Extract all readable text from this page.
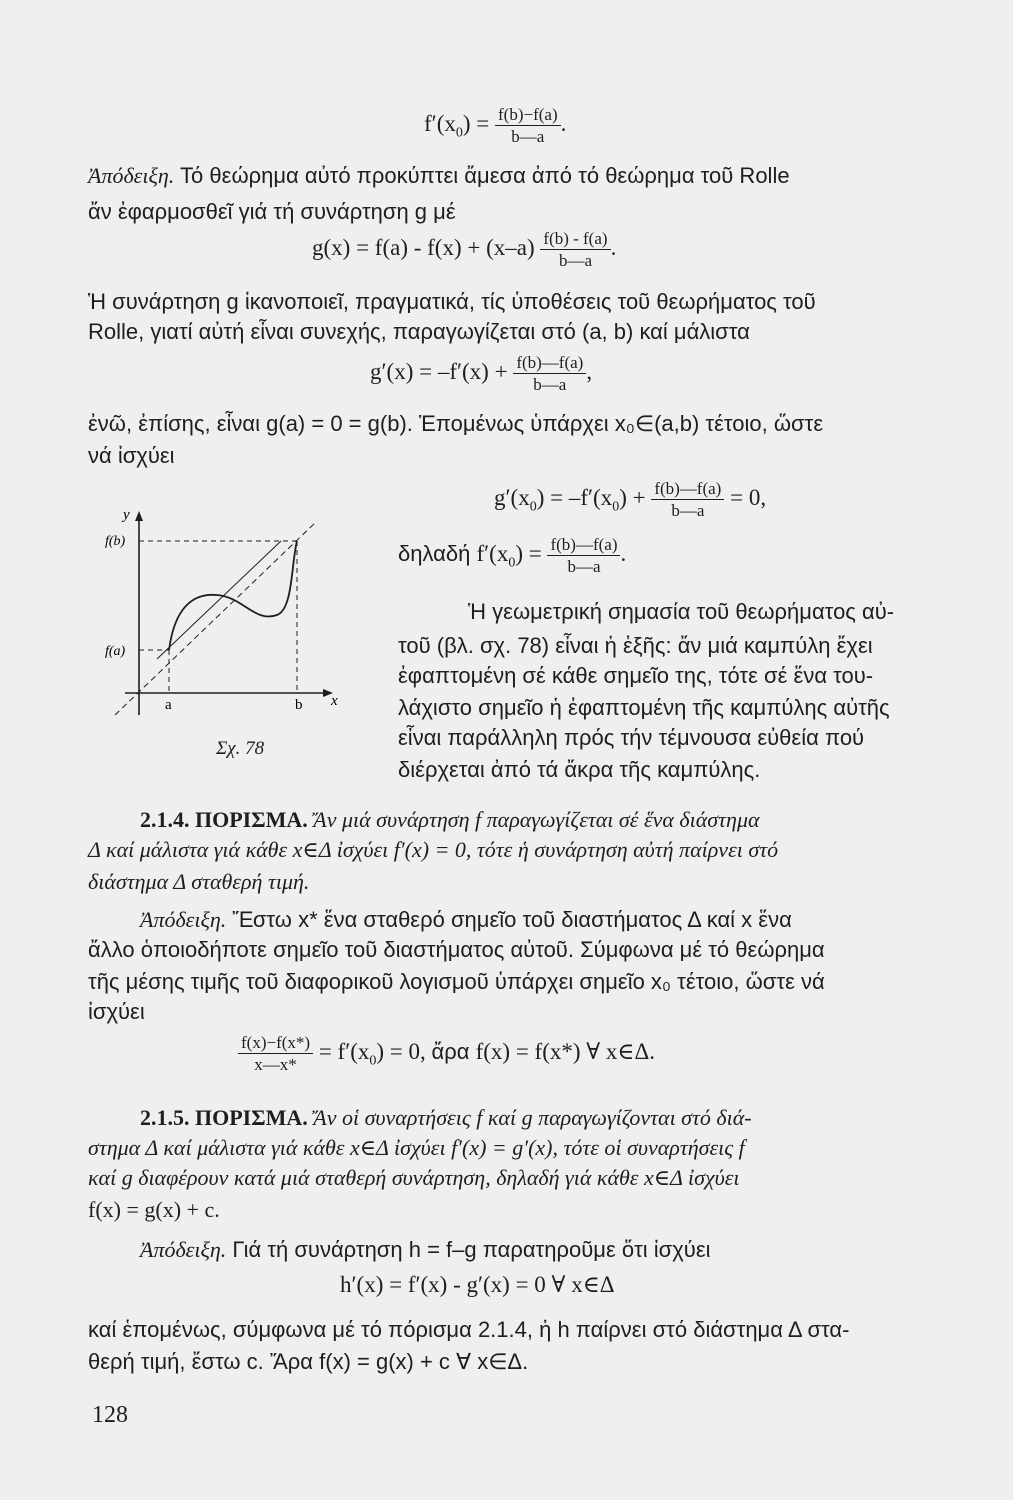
$f'(x_0) = \frac{f(b)-f(a)}{b—a}$ .
Ἀπόδειξη. Τό θεώρημα αὐτό προκύπτει ἄμεσα ἀπό τό θεώρημα τοῦ Rolle
ἄν ἐφαρμοσθεῖ γιά τή συνάρτηση g μέ
$g(x) = f(a) - f(x) + (x-a) \frac{f(b) - f(a)}{b—a}$ .
Ἡ συνάρτηση g ἱκανοποιεῖ, πραγματικά, τίς ὑποθέσεις τοῦ θεωρήματος τοῦ
Rolle, γιατί αὐτή εἶναι συνεχής, παραγωγίζεται στό (a, b) καί μάλιστα
$g'(x) = -f'(x) + \frac{f(b)—f(a)}{b—a}$ ,
ἐνῶ, ἐπίσης, εἶναι g(a) = 0 = g(b). Ἑπομένως ὑπάρχει x₀∈(a,b) τέτοιο, ὥστε
νά ἰσχύει
y
f(b)
f(a)
a	b x
Σχ. 78
$g'(x_0) = -f'(x_0) + \frac{f(b)—f(a)}{b—a} = 0$,
δηλαδή $f'(x_0) = \frac{f(b)—f(a)}{b—a}$ .
Ἡ γεωμετρική σημασία τοῦ θεωρήματος αὐ-
τοῦ (βλ. σχ. 78) εἶναι ἡ ἑξῆς: ἄν μιά καμπύλη ἔχει
ἐφαπτομένη σέ κάθε σημεῖο της, τότε σέ ἕνα του-
λάχιστο σημεῖο ἡ ἐφαπτομένη τῆς καμπύλης αὐτῆς
εἶναι παράλληλη πρός τήν τέμνουσα εὐθεία πού
διέρχεται ἀπό τά ἄκρα τῆς καμπύλης.
2.1.4. ΠΟΡΙΣΜΑ. Ἄν μιά συνάρτηση f παραγωγίζεται σέ ἕνα διάστημα
Δ καί μάλιστα γιά κάθε x∈Δ ἰσχύει f′(x) = 0, τότε ἡ συνάρτηση αὐτή παίρνει στό
διάστημα Δ σταθερή τιμή.
Ἀπόδειξη. Ἔστω x* ἕνα σταθερό σημεῖο τοῦ διαστήματος Δ καί x ἕνα
ἄλλο ὁποιοδήποτε σημεῖο τοῦ διαστήματος αὐτοῦ. Σύμφωνα μέ τό θεώρημα
τῆς μέσης τιμῆς τοῦ διαφορικοῦ λογισμοῦ ὑπάρχει σημεῖο x₀ τέτοιο, ὥστε νά
ἰσχύει
$\frac{f(x)-f(x*)}{x—x*} = f'(x_0) = 0$, ἄρα f(x) = f(x*) ∀ x∈Δ.
2.1.5. ΠΟΡΙΣΜΑ. Ἄν οἱ συναρτήσεις f καί g παραγωγίζονται στό διά-
στημα Δ καί μάλιστα γιά κάθε x∈Δ ἰσχύει f′(x) = g′(x), τότε οἱ συναρτήσεις f
καί g διαφέρουν κατά μιά σταθερή συνάρτηση, δηλαδή γιά κάθε x∈Δ ἰσχύει
f(x) = g(x) + c.
Ἀπόδειξη. Γιά τή συνάρτηση h = f–g παρατηροῦμε ὅτι ἰσχύει
h′(x) = f′(x) - g′(x) = 0 ∀ x∈Δ
καί ἑπομένως, σύμφωνα μέ τό πόρισμα 2.1.4, ἡ h παίρνει στό διάστημα Δ στα-
θερή τιμή, ἔστω c. Ἄρα f(x) = g(x) + c ∀ x∈Δ.
128
